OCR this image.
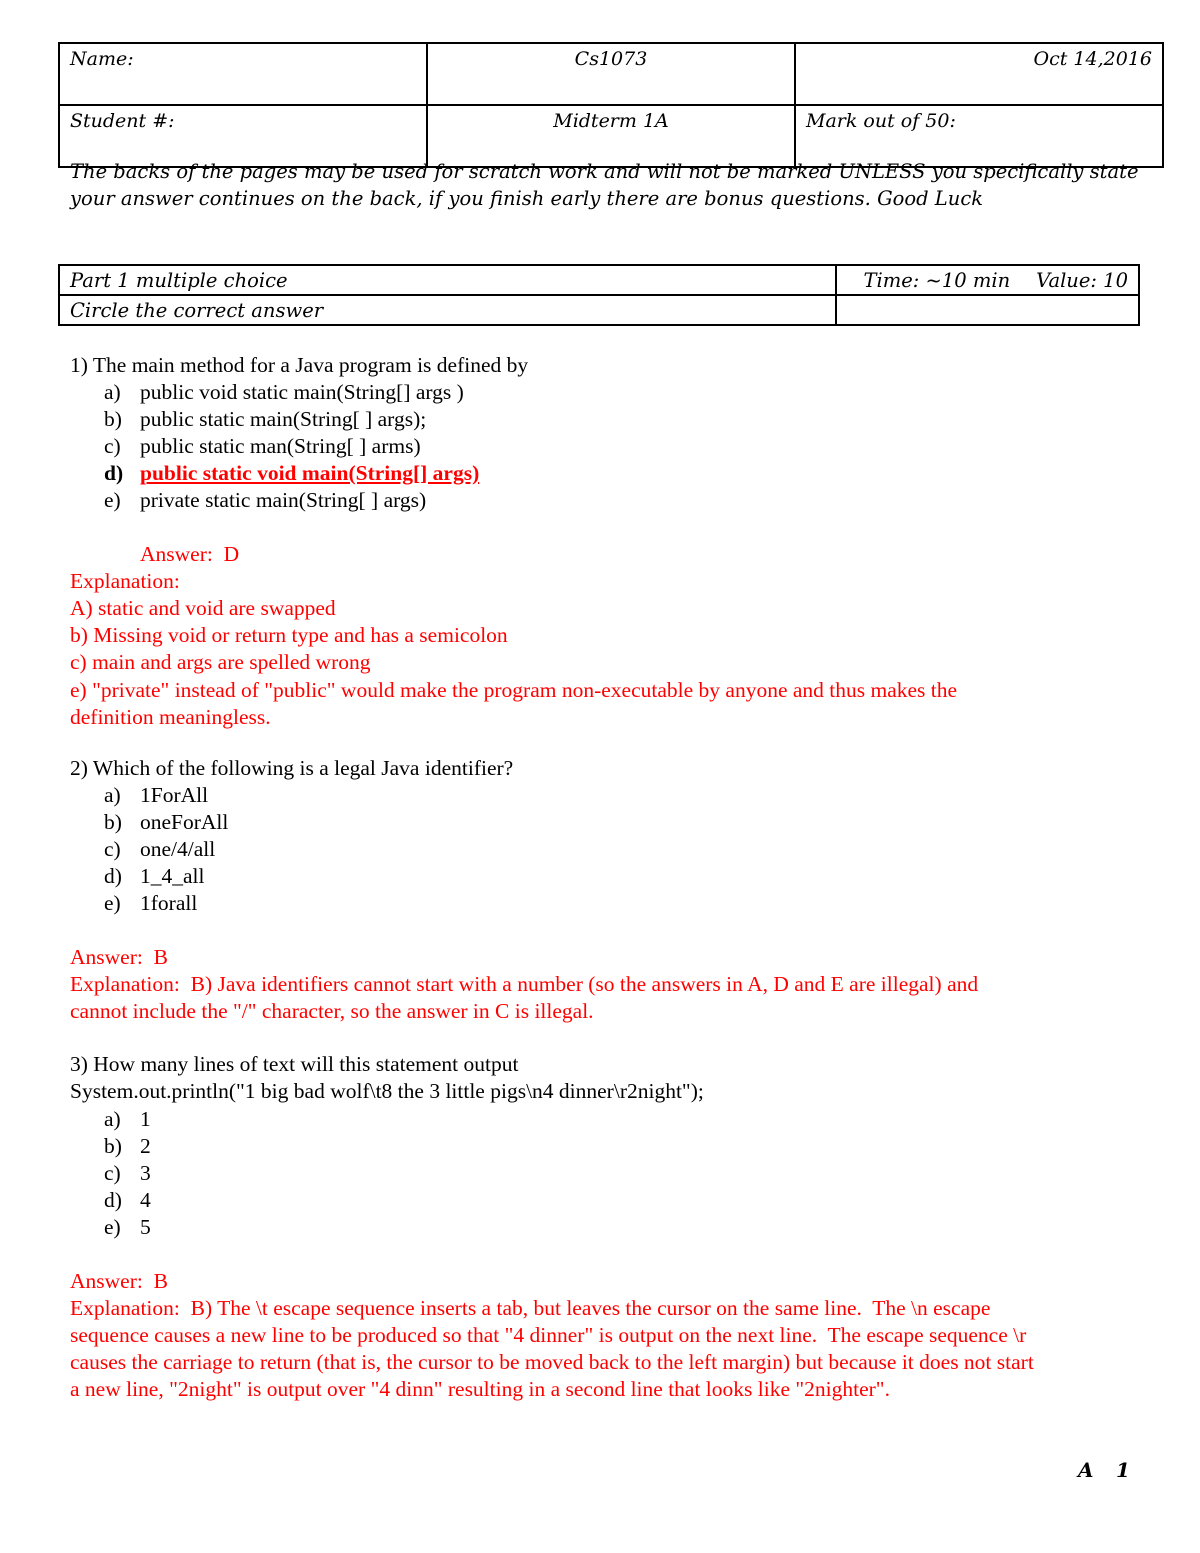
Name:	Cs1073	Oct 14,2016
Student #:	Midterm 1A	Mark out of 50:
The backs of the pages may be used for scratch work and will not be marked UNLESS you specifically state your answer continues on the back, if you finish early there are bonus questions. Good Luck
Part 1 multiple choice	Time: ~10 min Value: 10
Circle the correct answer	
1) The main method for a Java program is defined by
a) public void static main(String[] args )
b) public static main(String[ ] args);
c) public static man(String[ ] arms)
d) public static void main(String[] args)
e) private static main(String[ ] args)
Answer:  D
Explanation:
A) static and void are swapped
b) Missing void or return type and has a semicolon
c) main and args are spelled wrong
e) "private" instead of "public" would make the program non-executable by anyone and thus makes the
definition meaningless.
2) Which of the following is a legal Java identifier?
a) 1ForAll
b) oneForAll
c) one/4/all
d) 1_4_all
e) 1forall
Answer:  B
Explanation:  B) Java identifiers cannot start with a number (so the answers in A, D and E are illegal) and
cannot include the "/" character, so the answer in C is illegal.
3) How many lines of text will this statement output
System.out.println("1 big bad wolf\t8 the 3 little pigs\n4 dinner\r2night");
a) 1
b) 2
c) 3
d) 4
e) 5
Answer:  B
Explanation:  B) The \t escape sequence inserts a tab, but leaves the cursor on the same line.  The \n escape
sequence causes a new line to be produced so that "4 dinner" is output on the next line.  The escape sequence \r
causes the carriage to return (that is, the cursor to be moved back to the left margin) but because it does not start
a new line, "2night" is output over "4 dinn" resulting in a second line that looks like "2nighter".
A 1
